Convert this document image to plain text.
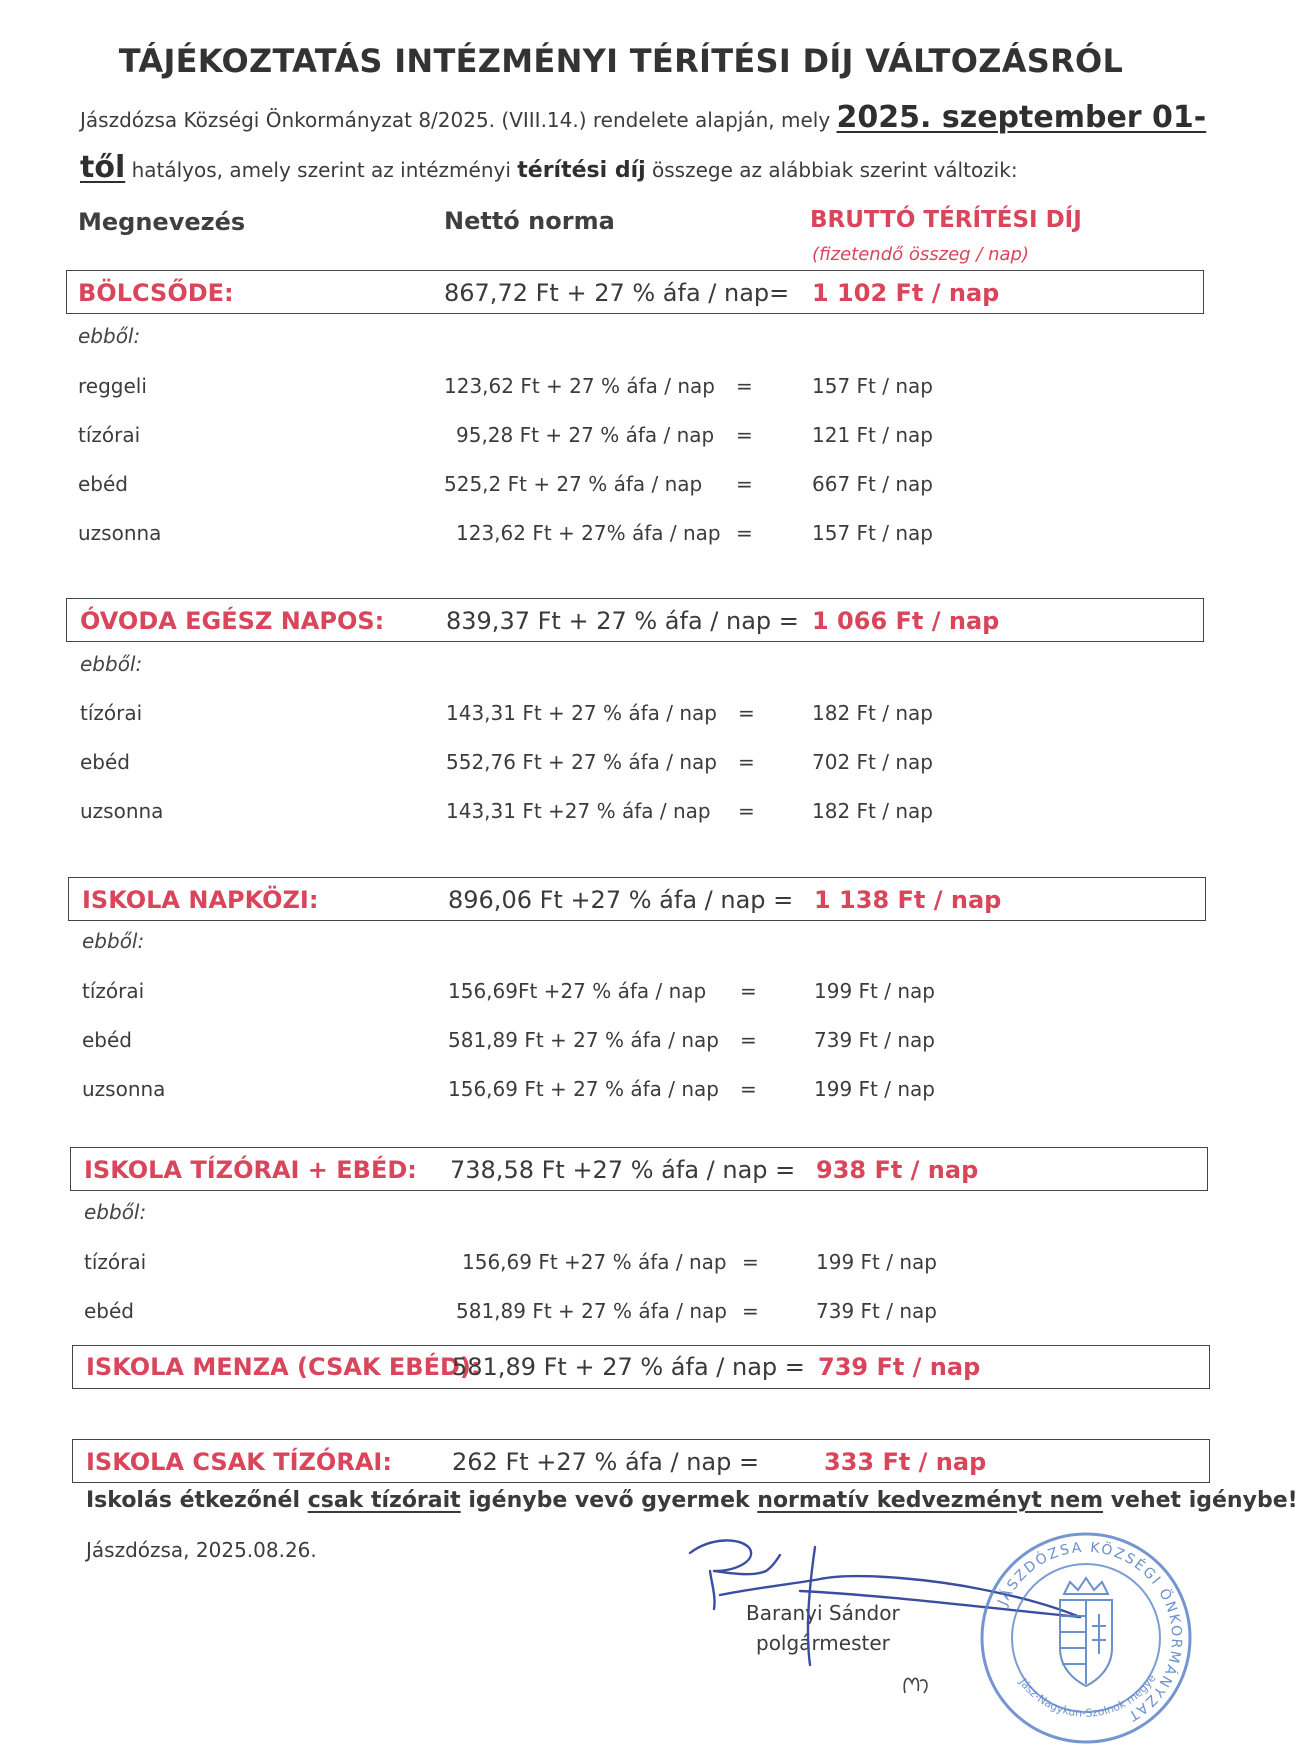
TÁJÉKOZTATÁS INTÉZMÉNYI TÉRÍTÉSI DÍJ VÁLTOZÁSRÓL
Jászdózsa Községi Önkormányzat 8/2025. (VIII.14.) rendelete alapján, mely 2025. szeptember 01-
től hatályos, amely szerint az intézményi térítési díj összege az alábbiak szerint változik:
Megnevezés	Nettó norma	BRUTTÓ TÉRÍTÉSI DÍJ
(fizetendő összeg / nap)
BÖLCSŐDE:	867,72 Ft + 27 % áfa / nap= 1 102 Ft / nap
ebből:
reggeli	123,62 Ft + 27 % áfa / nap =	157 Ft / nap
tízórai	95,28 Ft + 27 % áfa / nap =	121 Ft / nap
ebéd	525,2 Ft + 27 % áfa / nap =	667 Ft / nap
uzsonna	123,62 Ft + 27% áfa / nap =	157 Ft / nap
ÓVODA EGÉSZ NAPOS:	839,37 Ft + 27 % áfa / nap = 1 066 Ft / nap
ebből:
tízórai	143,31 Ft + 27 % áfa / nap =	182 Ft / nap
ebéd	552,76 Ft + 27 % áfa / nap =	702 Ft / nap
uzsonna	143,31 Ft +27 % áfa / nap =	182 Ft / nap
ISKOLA NAPKÖZI:	896,06 Ft +27 % áfa / nap = 1 138 Ft / nap
ebből:
tízórai	156,69Ft +27 % áfa / nap =	199 Ft / nap
ebéd	581,89 Ft + 27 % áfa / nap =	739 Ft / nap
uzsonna	156,69 Ft + 27 % áfa / nap =	199 Ft / nap
ISKOLA TÍZÓRAI + EBÉD: 738,58 Ft +27 % áfa / nap = 938 Ft / nap
ebből:
tízórai	156,69 Ft +27 % áfa / nap =	199 Ft / nap
ebéd	581,89 Ft + 27 % áfa / nap =	739 Ft / nap
ISKOLA MENZA (CSAK EBÉD):
581,89 Ft + 27 % áfa / nap = 739 Ft / nap
ISKOLA CSAK TÍZÓRAI:	262 Ft +27 % áfa / nap =	333 Ft / nap
Iskolás étkezőnél csak tízórait igénybe vevő gyermek normatív kedvezményt nem vehet igénybe!
Jászdózsa, 2025.08.26.
Baranyi Sándor
polgármester
JÁSZDÓZSA KÖZSÉGI ÖNKORMÁNYZAT
Jász-Nagykun-Szolnok megye
